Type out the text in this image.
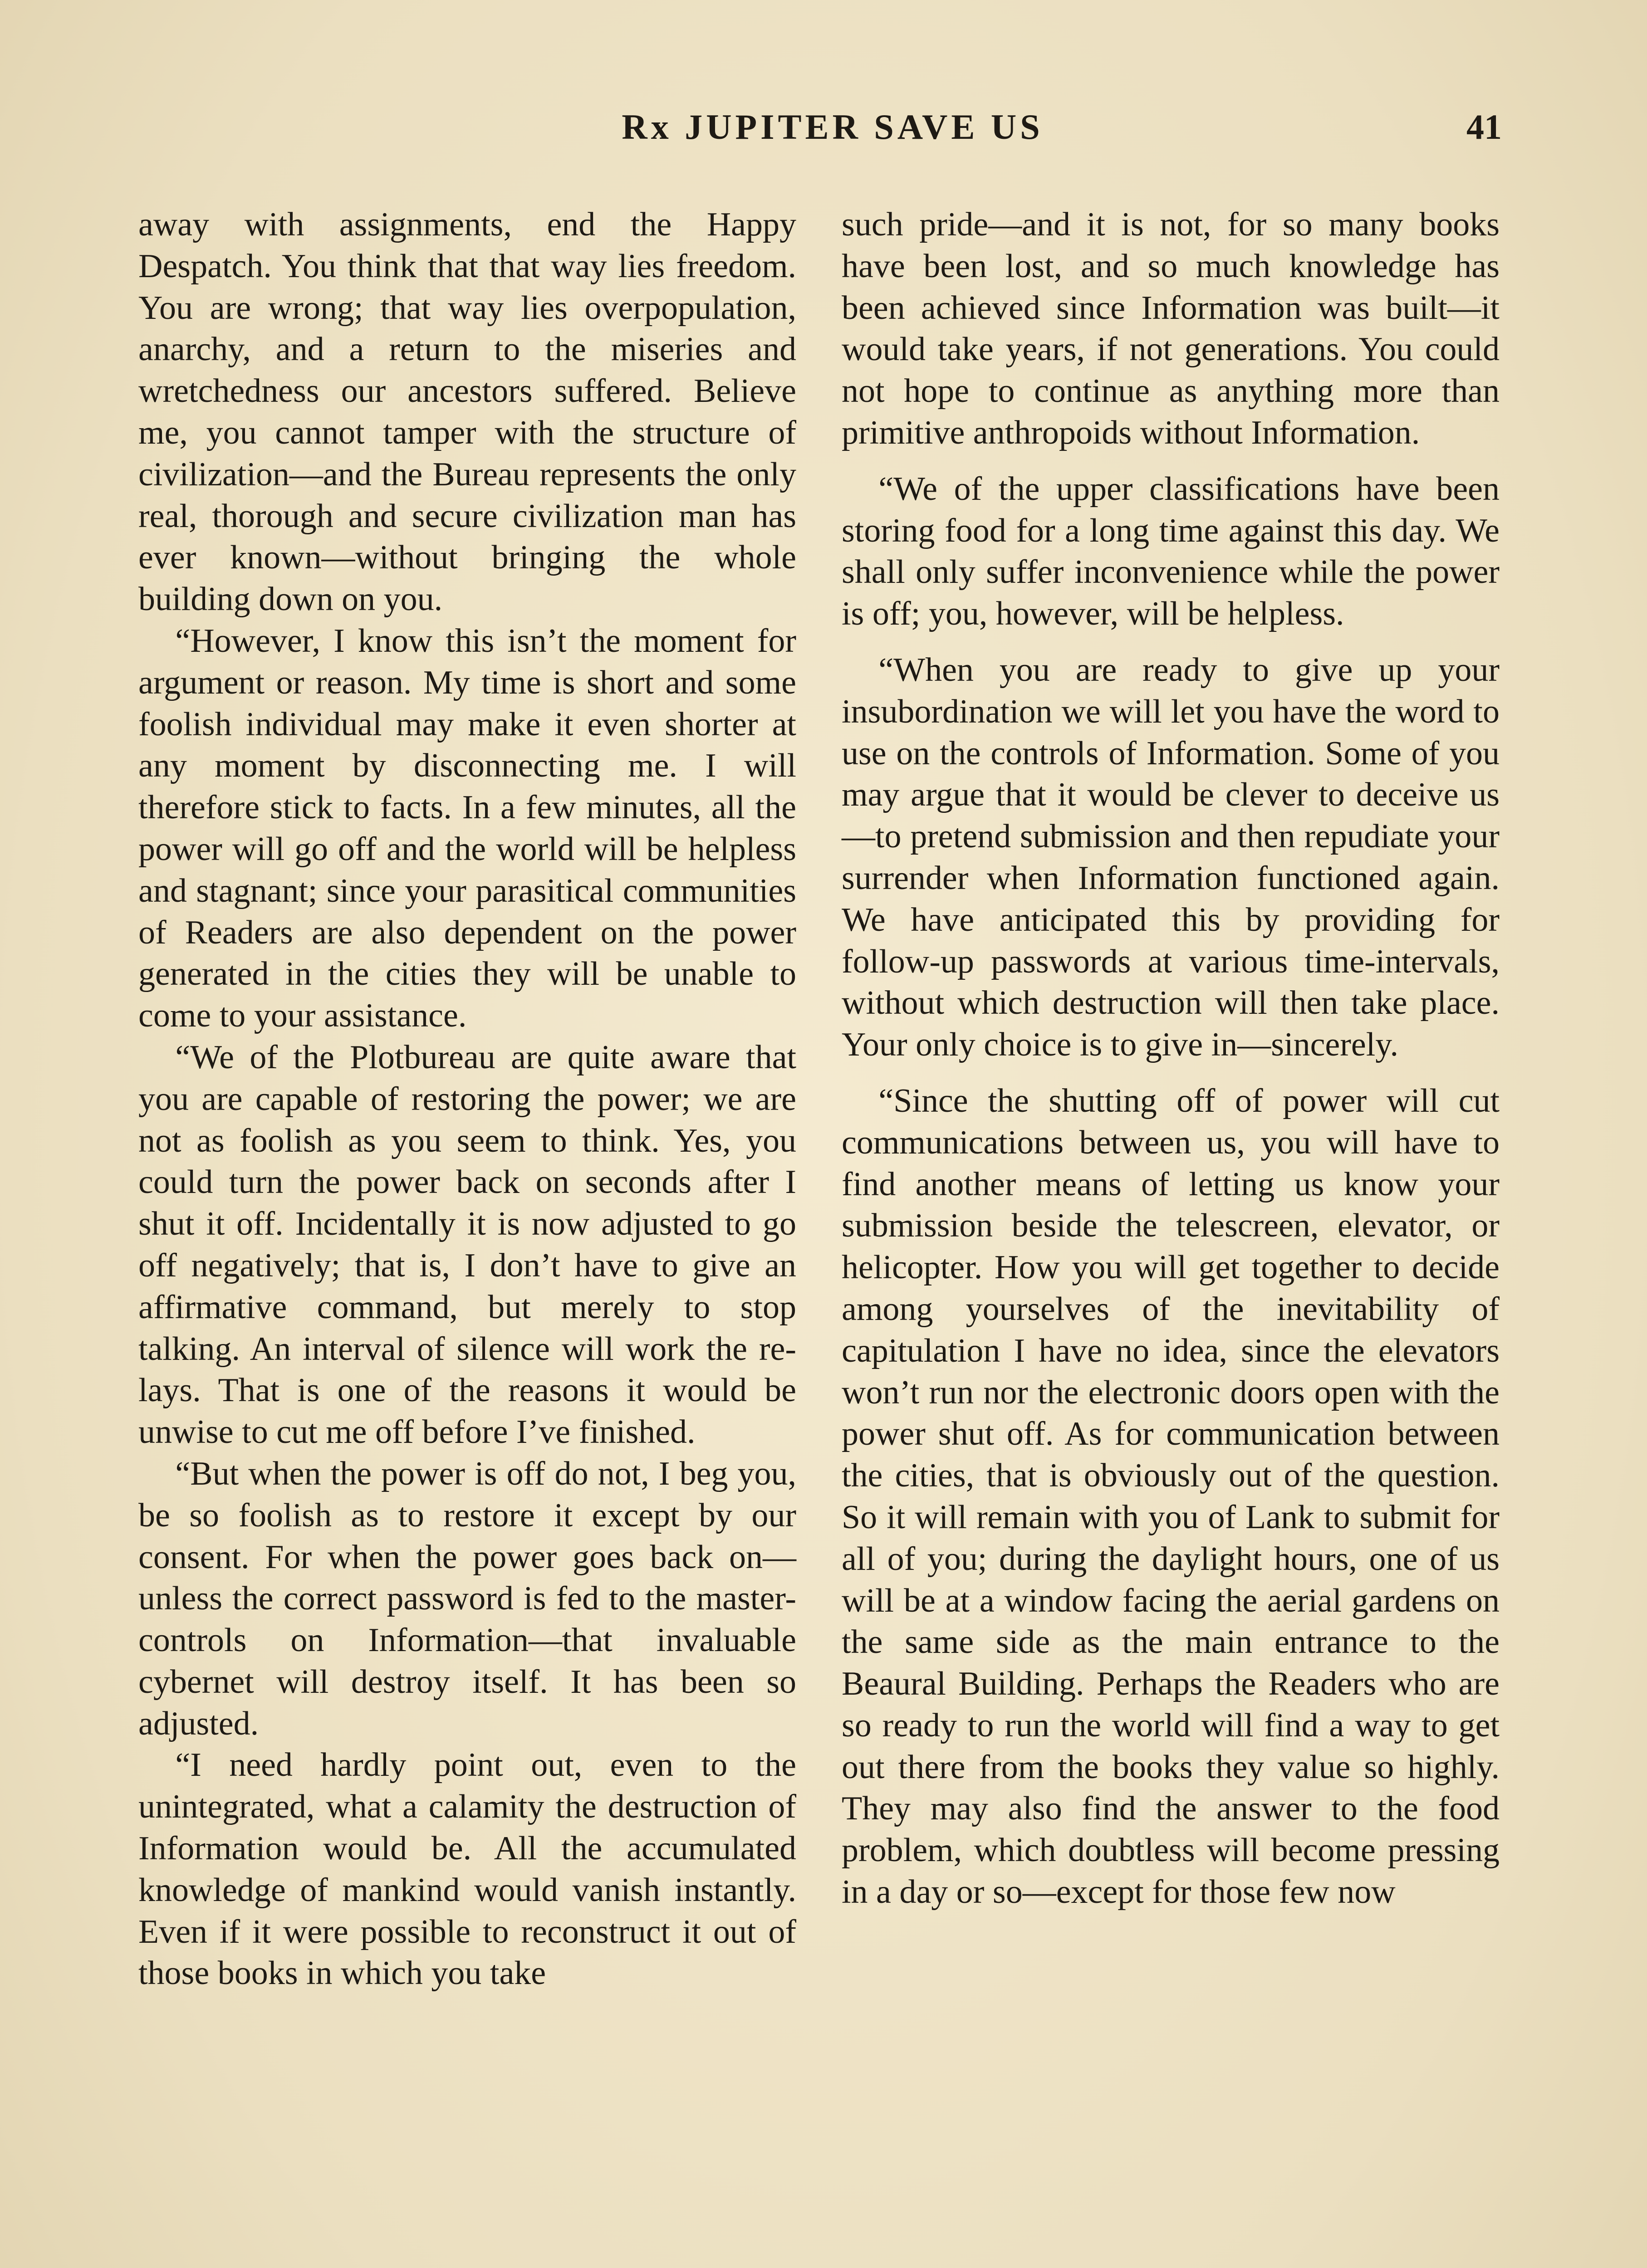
Rx JUPITER SAVE US	41

away with assignments, end the Happy Despatch. You think that that way lies freedom. You are wrong; that way lies overpopulation, anarchy, and a return to the miseries and wretchedness our ancestors suffered. Believe me, you cannot tamper with the structure of civilization—and the Bureau represents the only real, thorough and secure civilization man has ever known—without bringing the whole building down on you.

“However, I know this isn’t the moment for argument or reason. My time is short and some foolish individual may make it even shorter at any moment by disconnecting me. I will therefore stick to facts. In a few minutes, all the power will go off and the world will be helpless and stagnant; since your parasitical communities of Readers are also dependent on the power generated in the cities they will be unable to come to your assistance.

“We of the Plotbureau are quite aware that you are capable of restoring the power; we are not as foolish as you seem to think. Yes, you could turn the power back on seconds after I shut it off. Incidentally it is now adjusted to go off negatively; that is, I don’t have to give an affirmative command, but merely to stop talking. An interval of silence will work the relays. That is one of the reasons it would be unwise to cut me off before I’ve finished.

“But when the power is off do not, I beg you, be so foolish as to restore it except by our consent. For when the power goes back on—unless the correct password is fed to the master-controls on Information—that invaluable cybernet will destroy itself. It has been so adjusted.

“I need hardly point out, even to the unintegrated, what a calamity the destruction of Information would be. All the accumulated knowledge of mankind would vanish instantly. Even if it were possible to reconstruct it out of those books in which you take

such pride—and it is not, for so many books have been lost, and so much knowledge has been achieved since Information was built—it would take years, if not generations. You could not hope to continue as anything more than primitive anthropoids without Information.

“We of the upper classifications have been storing food for a long time against this day. We shall only suffer inconvenience while the power is off; you, however, will be helpless.

“When you are ready to give up your insubordination we will let you have the word to use on the controls of Information. Some of you may argue that it would be clever to deceive us—to pretend submission and then repudiate your surrender when Information functioned again. We have anticipated this by providing for follow-up passwords at various time-intervals, without which destruction will then take place. Your only choice is to give in—sincerely.

“Since the shutting off of power will cut communications between us, you will have to find another means of letting us know your submission beside the telescreen, elevator, or helicopter. How you will get together to decide among yourselves of the inevitability of capitulation I have no idea, since the elevators won’t run nor the electronic doors open with the power shut off. As for communication between the cities, that is obviously out of the question. So it will remain with you of Lank to submit for all of you; during the daylight hours, one of us will be at a window facing the aerial gardens on the same side as the main entrance to the Beaural Building. Perhaps the Readers who are so ready to run the world will find a way to get out there from the books they value so highly. They may also find the answer to the food problem, which doubtless will become pressing in a day or so—except for those few now
